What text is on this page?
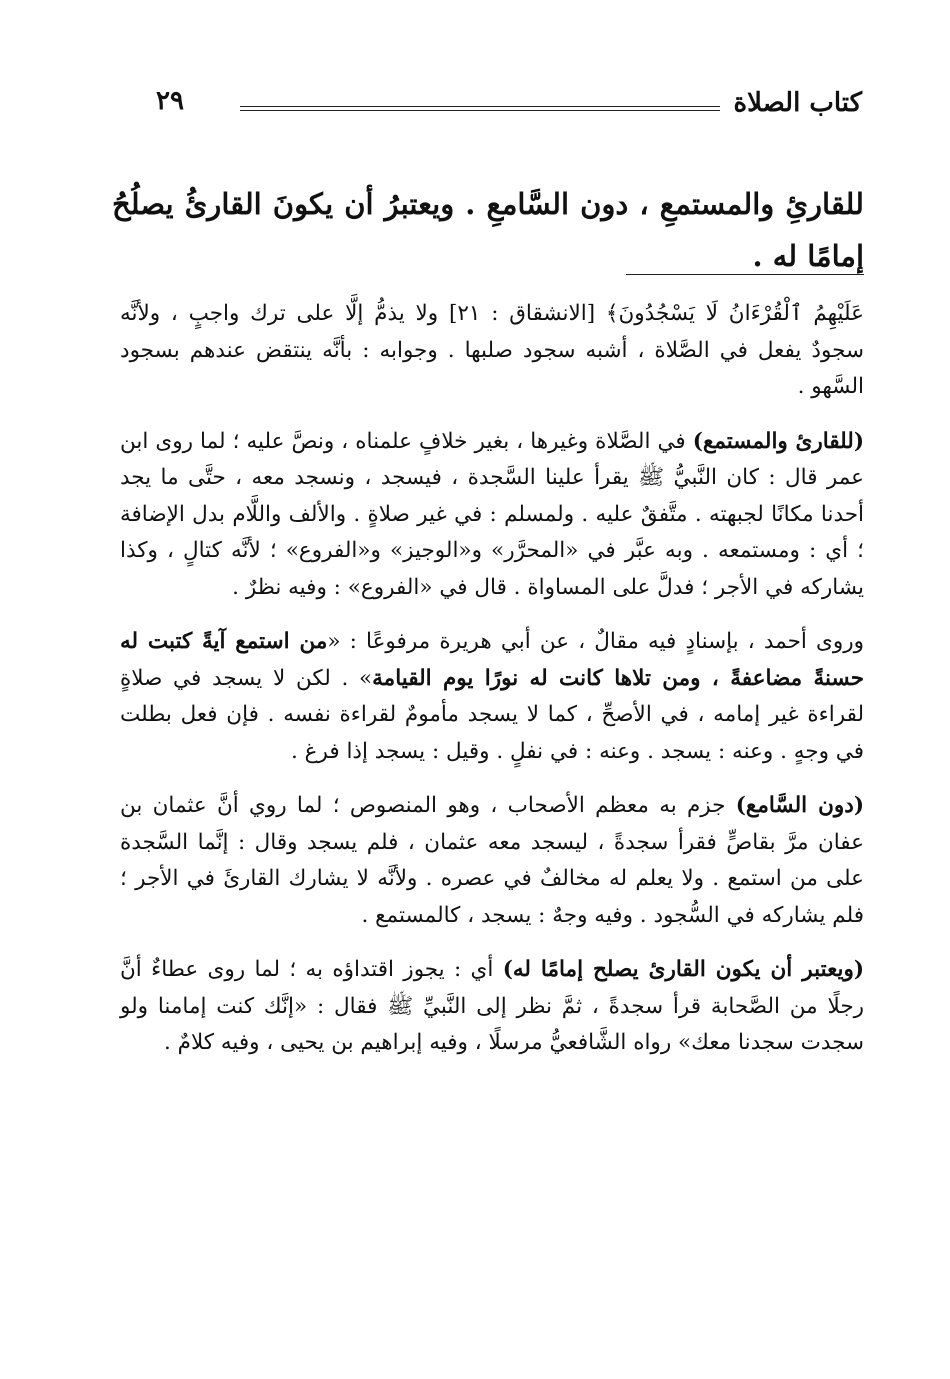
كتاب الصلاة
٢٩
للقارئِ والمستمعِ ، دون السَّامعِ . ويعتبرُ أن يكونَ القارئُ يصلُحُ إمامًا له .

عَلَيْهِمُ ٱلْقُرْءَانُ لَا يَسْجُدُونَ﴾ [الانشقاق : ٢١] ولا يذمُّ إلَّا على ترك واجبٍ ، ولأنَّه سجودٌ يفعل في الصَّلاة ، أشبه سجود صلبها . وجوابه : بأنَّه ينتقض عندهم بسجود السَّهو .

(للقارئ والمستمع) في الصَّلاة وغيرها ، بغير خلافٍ علمناه ، ونصَّ عليه ؛ لما روى ابن عمر قال : كان النَّبيُّ ﷺ يقرأ علينا السَّجدة ، فيسجد ، ونسجد معه ، حتَّى ما يجد أحدنا مكانًا لجبهته . متَّفقٌ عليه . ولمسلم : في غير صلاةٍ . والألف واللَّام بدل الإضافة ؛ أي : ومستمعه . وبه عبَّر في «المحرَّر» و«الوجيز» و«الفروع» ؛ لأنَّه كتالٍ ، وكذا يشاركه في الأجر ؛ فدلَّ على المساواة . قال في «الفروع» : وفيه نظرٌ .

وروى أحمد ، بإسنادٍ فيه مقالٌ ، عن أبي هريرة مرفوعًا : «من استمع آيةً كتبت له حسنةً مضاعفةً ، ومن تلاها كانت له نورًا يوم القيامة» . لكن لا يسجد في صلاةٍ لقراءة غير إمامه ، في الأصحِّ ، كما لا يسجد مأمومٌ لقراءة نفسه . فإن فعل بطلت في وجهٍ . وعنه : يسجد . وعنه : في نفلٍ . وقيل : يسجد إذا فرغ .

(دون السَّامع) جزم به معظم الأصحاب ، وهو المنصوص ؛ لما روي أنَّ عثمان بن عفان مرَّ بقاصٍّ فقرأ سجدةً ، ليسجد معه عثمان ، فلم يسجد وقال : إنَّما السَّجدة على من استمع . ولا يعلم له مخالفٌ في عصره . ولأنَّه لا يشارك القارئَ في الأجر ؛ فلم يشاركه في السُّجود . وفيه وجهٌ : يسجد ، كالمستمع .

(ويعتبر أن يكون القارئ يصلح إمامًا له) أي : يجوز اقتداؤه به ؛ لما روى عطاءٌ أنَّ رجلًا من الصَّحابة قرأ سجدةً ، ثمَّ نظر إلى النَّبيِّ ﷺ فقال : «إنَّك كنت إمامنا ولو سجدت سجدنا معك» رواه الشَّافعيُّ مرسلًا ، وفيه إبراهيم بن يحيى ، وفيه كلامٌ .
